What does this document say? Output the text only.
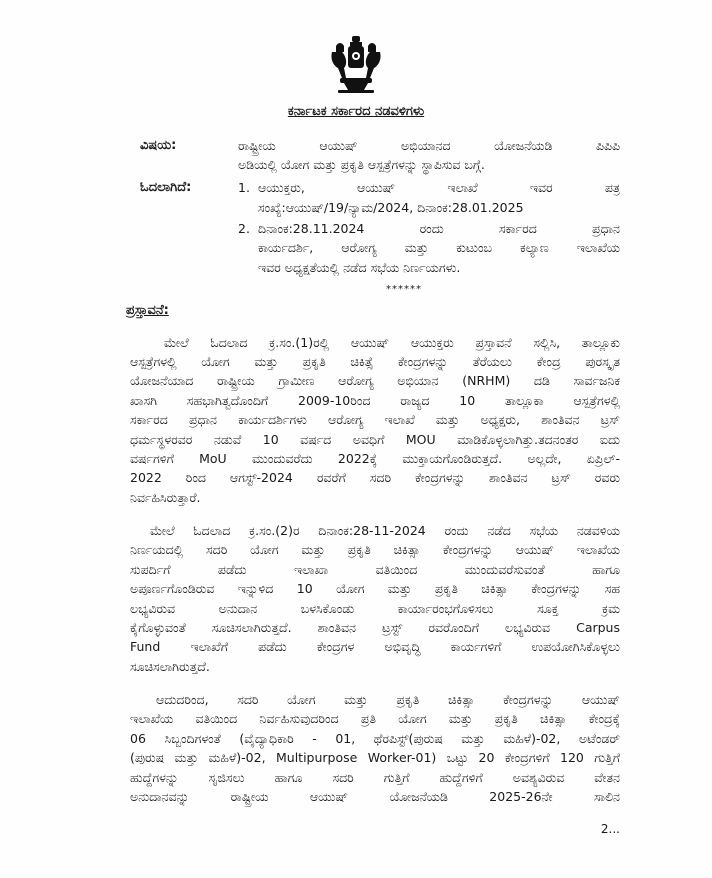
ಕರ್ನಾಟಕ ಸರ್ಕಾರದ ನಡವಳಿಗಳು
ವಿಷಯ:	ರಾಷ್ಟ್ರೀಯ ಆಯುಷ್ ಅಭಿಯಾನದ ಯೋಜನೆಯಡಿ ಪಿಪಿಪಿ
ಅಡಿಯಲ್ಲಿ ಯೋಗ ಮತ್ತು ಪ್ರಕೃತಿ ಆಸ್ಪತ್ರೆಗಳನ್ನು ಸ್ಥಾಪಿಸುವ ಬಗ್ಗೆ.
ಓದಲಾಗಿದೆ:	1. ಆಯುಕ್ತರು, ಆಯುಷ್ ಇಲಾಖೆ ಇವರ ಪತ್ರ
ಸಂಖ್ಯೆ:ಆಯುಷ್/19/ನ್ಯಾಮ/2024, ದಿನಾಂಕ:28.01.2025
2. ದಿನಾಂಕ:28.11.2024 ರಂದು ಸರ್ಕಾರದ ಪ್ರಧಾನ
ಕಾರ್ಯದರ್ಶಿ, ಆರೋಗ್ಯ ಮತ್ತು ಕುಟುಂಬ ಕಲ್ಯಾಣ ಇಲಾಖೆಯ
ಇವರ ಅಧ್ಯಕ್ಷತೆಯಲ್ಲಿ ನಡೆದ ಸಭೆಯ ನಿರ್ಣಯಗಳು.
******
ಪ್ರಸ್ತಾವನೆ:
ಮೇಲೆ ಓದಲಾದ ಕ್ರ.ಸಂ.(1)ರಲ್ಲಿ ಆಯುಷ್ ಆಯುಕ್ತರು ಪ್ರಸ್ತಾವನೆ ಸಲ್ಲಿಸಿ, ತಾಲ್ಲೂಕು
ಆಸ್ಪತ್ರೆಗಳಲ್ಲಿ ಯೋಗ ಮತ್ತು ಪ್ರಕೃತಿ ಚಿಕಿತ್ಸೆ ಕೇಂದ್ರಗಳನ್ನು ತೆರೆಯಲು ಕೇಂದ್ರ ಪುರಸ್ಕೃತ
ಯೋಜನೆಯಾದ ರಾಷ್ಟ್ರೀಯ ಗ್ರಾಮೀಣ ಆರೋಗ್ಯ ಅಭಿಯಾನ (NRHM) ದಡಿ ಸಾರ್ವಜನಿಕ
ಖಾಸಗಿ ಸಹಭಾಗಿತ್ವದೊಂದಿಗೆ 2009-10ರಿಂದ ರಾಜ್ಯದ 10 ತಾಲ್ಲೂಕಾ ಆಸ್ಪತ್ರೆಗಳಲ್ಲಿ
ಸರ್ಕಾರದ ಪ್ರಧಾನ ಕಾರ್ಯದರ್ಶಿಗಳು ಆರೋಗ್ಯ ಇಲಾಖೆ ಮತ್ತು ಅಧ್ಯಕ್ಷರು, ಶಾಂತಿವನ ಟ್ರಸ್
ಧರ್ಮಸ್ಥಳರವರ ನಡುವೆ 10 ವರ್ಷದ ಅವಧಿಗೆ MOU ಮಾಡಿಕೊಳ್ಳಲಾಗಿತ್ತು.ತದನಂತರ ಐದು
ವರ್ಷಗಳಿಗೆ MoU ಮುಂದುವರೆದು 2022ಕ್ಕೆ ಮುಕ್ತಾಯಗೊಂಡಿರುತ್ತದೆ. ಅಲ್ಲದೇ, ಏಪ್ರಿಲ್-
2022 ರಿಂದ ಆಗಸ್ಟ್-2024 ರವರೆಗೆ ಸದರಿ ಕೇಂದ್ರಗಳನ್ನು ಶಾಂತಿವನ ಟ್ರಸ್ ರವರು
ನಿರ್ವಹಿಸಿರುತ್ತಾರೆ.
ಮೇಲೆ ಓದಲಾದ ಕ್ರ.ಸಂ.(2)ರ ದಿನಾಂಕ:28-11-2024 ರಂದು ನಡೆದ ಸಭೆಯ ನಡವಳಿಯ
ನಿರ್ಣಯದಲ್ಲಿ ಸದರಿ ಯೋಗ ಮತ್ತು ಪ್ರಕೃತಿ ಚಿಕಿತ್ಸಾ ಕೇಂದ್ರಗಳನ್ನು ಆಯುಷ್ ಇಲಾಖೆಯ
ಸುಪರ್ದಿಗೆ ಪಡೆದು ಇಲಾಖಾ ವತಿಯಿಂದ ಮುಂದುವರೆಸುವಂತೆ ಹಾಗೂ
ಅಪೂರ್ಣಗೊಂಡಿರುವ ಇನ್ನುಳಿದ 10 ಯೋಗ ಮತ್ತು ಪ್ರಕೃತಿ ಚಿಕಿತ್ಸಾ ಕೇಂದ್ರಗಳನ್ನು ಸಹ
ಲಭ್ಯವಿರುವ ಅನುದಾನ ಬಳಸಿಕೊಂಡು ಕಾರ್ಯಾರಂಭಗೊಳಿಸಲು ಸೂಕ್ತ ಕ್ರಮ
ಕೈಗೊಳ್ಳುವಂತೆ ಸೂಚಿಸಲಾಗಿರುತ್ತದೆ. ಶಾಂತಿವನ ಟ್ರಸ್ಟ್ ರವರೊಂದಿಗೆ ಲಭ್ಯವಿರುವ Carpus
Fund ಇಲಾಖೆಗೆ ಪಡೆದು ಕೇಂದ್ರಗಳ ಅಭಿವೃದ್ಧಿ ಕಾರ್ಯಗಳಿಗೆ ಉಪಯೋಗಿಸಿಕೊಳ್ಳಲು
ಸೂಚಿಸಲಾಗಿರುತ್ತದೆ.
ಆದುದರಿಂದ, ಸದರಿ ಯೋಗ ಮತ್ತು ಪ್ರಕೃತಿ ಚಿಕಿತ್ಸಾ ಕೇಂದ್ರಗಳನ್ನು ಆಯುಷ್
ಇಲಾಖೆಯ ವತಿಯಿಂದ ನಿರ್ವಹಿಸುವುದರಿಂದ ಪ್ರತಿ ಯೋಗ ಮತ್ತು ಪ್ರಕೃತಿ ಚಿಕಿತ್ಸಾ ಕೇಂದ್ರಕ್ಕೆ
06 ಸಿಬ್ಬಂದಿಗಳಂತೆ (ವೈದ್ಯಾಧಿಕಾರಿ - 01, ಥೆರಪಿಸ್ಟ್(ಪುರುಷ ಮತ್ತು ಮಹಿಳೆ)-02, ಅಟೆಂಡರ್
(ಪುರುಷ ಮತ್ತು ಮಹಿಳೆ)-02, Multipurpose Worker-01) ಒಟ್ಟು 20 ಕೇಂದ್ರಗಳಿಗೆ 120 ಗುತ್ತಿಗೆ
ಹುದ್ದೆಗಳನ್ನು ಸೃಜಿಸಲು ಹಾಗೂ ಸದರಿ ಗುತ್ತಿಗೆ ಹುದ್ದೆಗಳಿಗೆ ಅವಶ್ಯವಿರುವ ವೇತನ
ಅನುದಾನವನ್ನು ರಾಷ್ಟ್ರೀಯ ಆಯುಷ್ ಯೋಜನೆಯಡಿ 2025-26ನೇ ಸಾಲಿನ
2...
